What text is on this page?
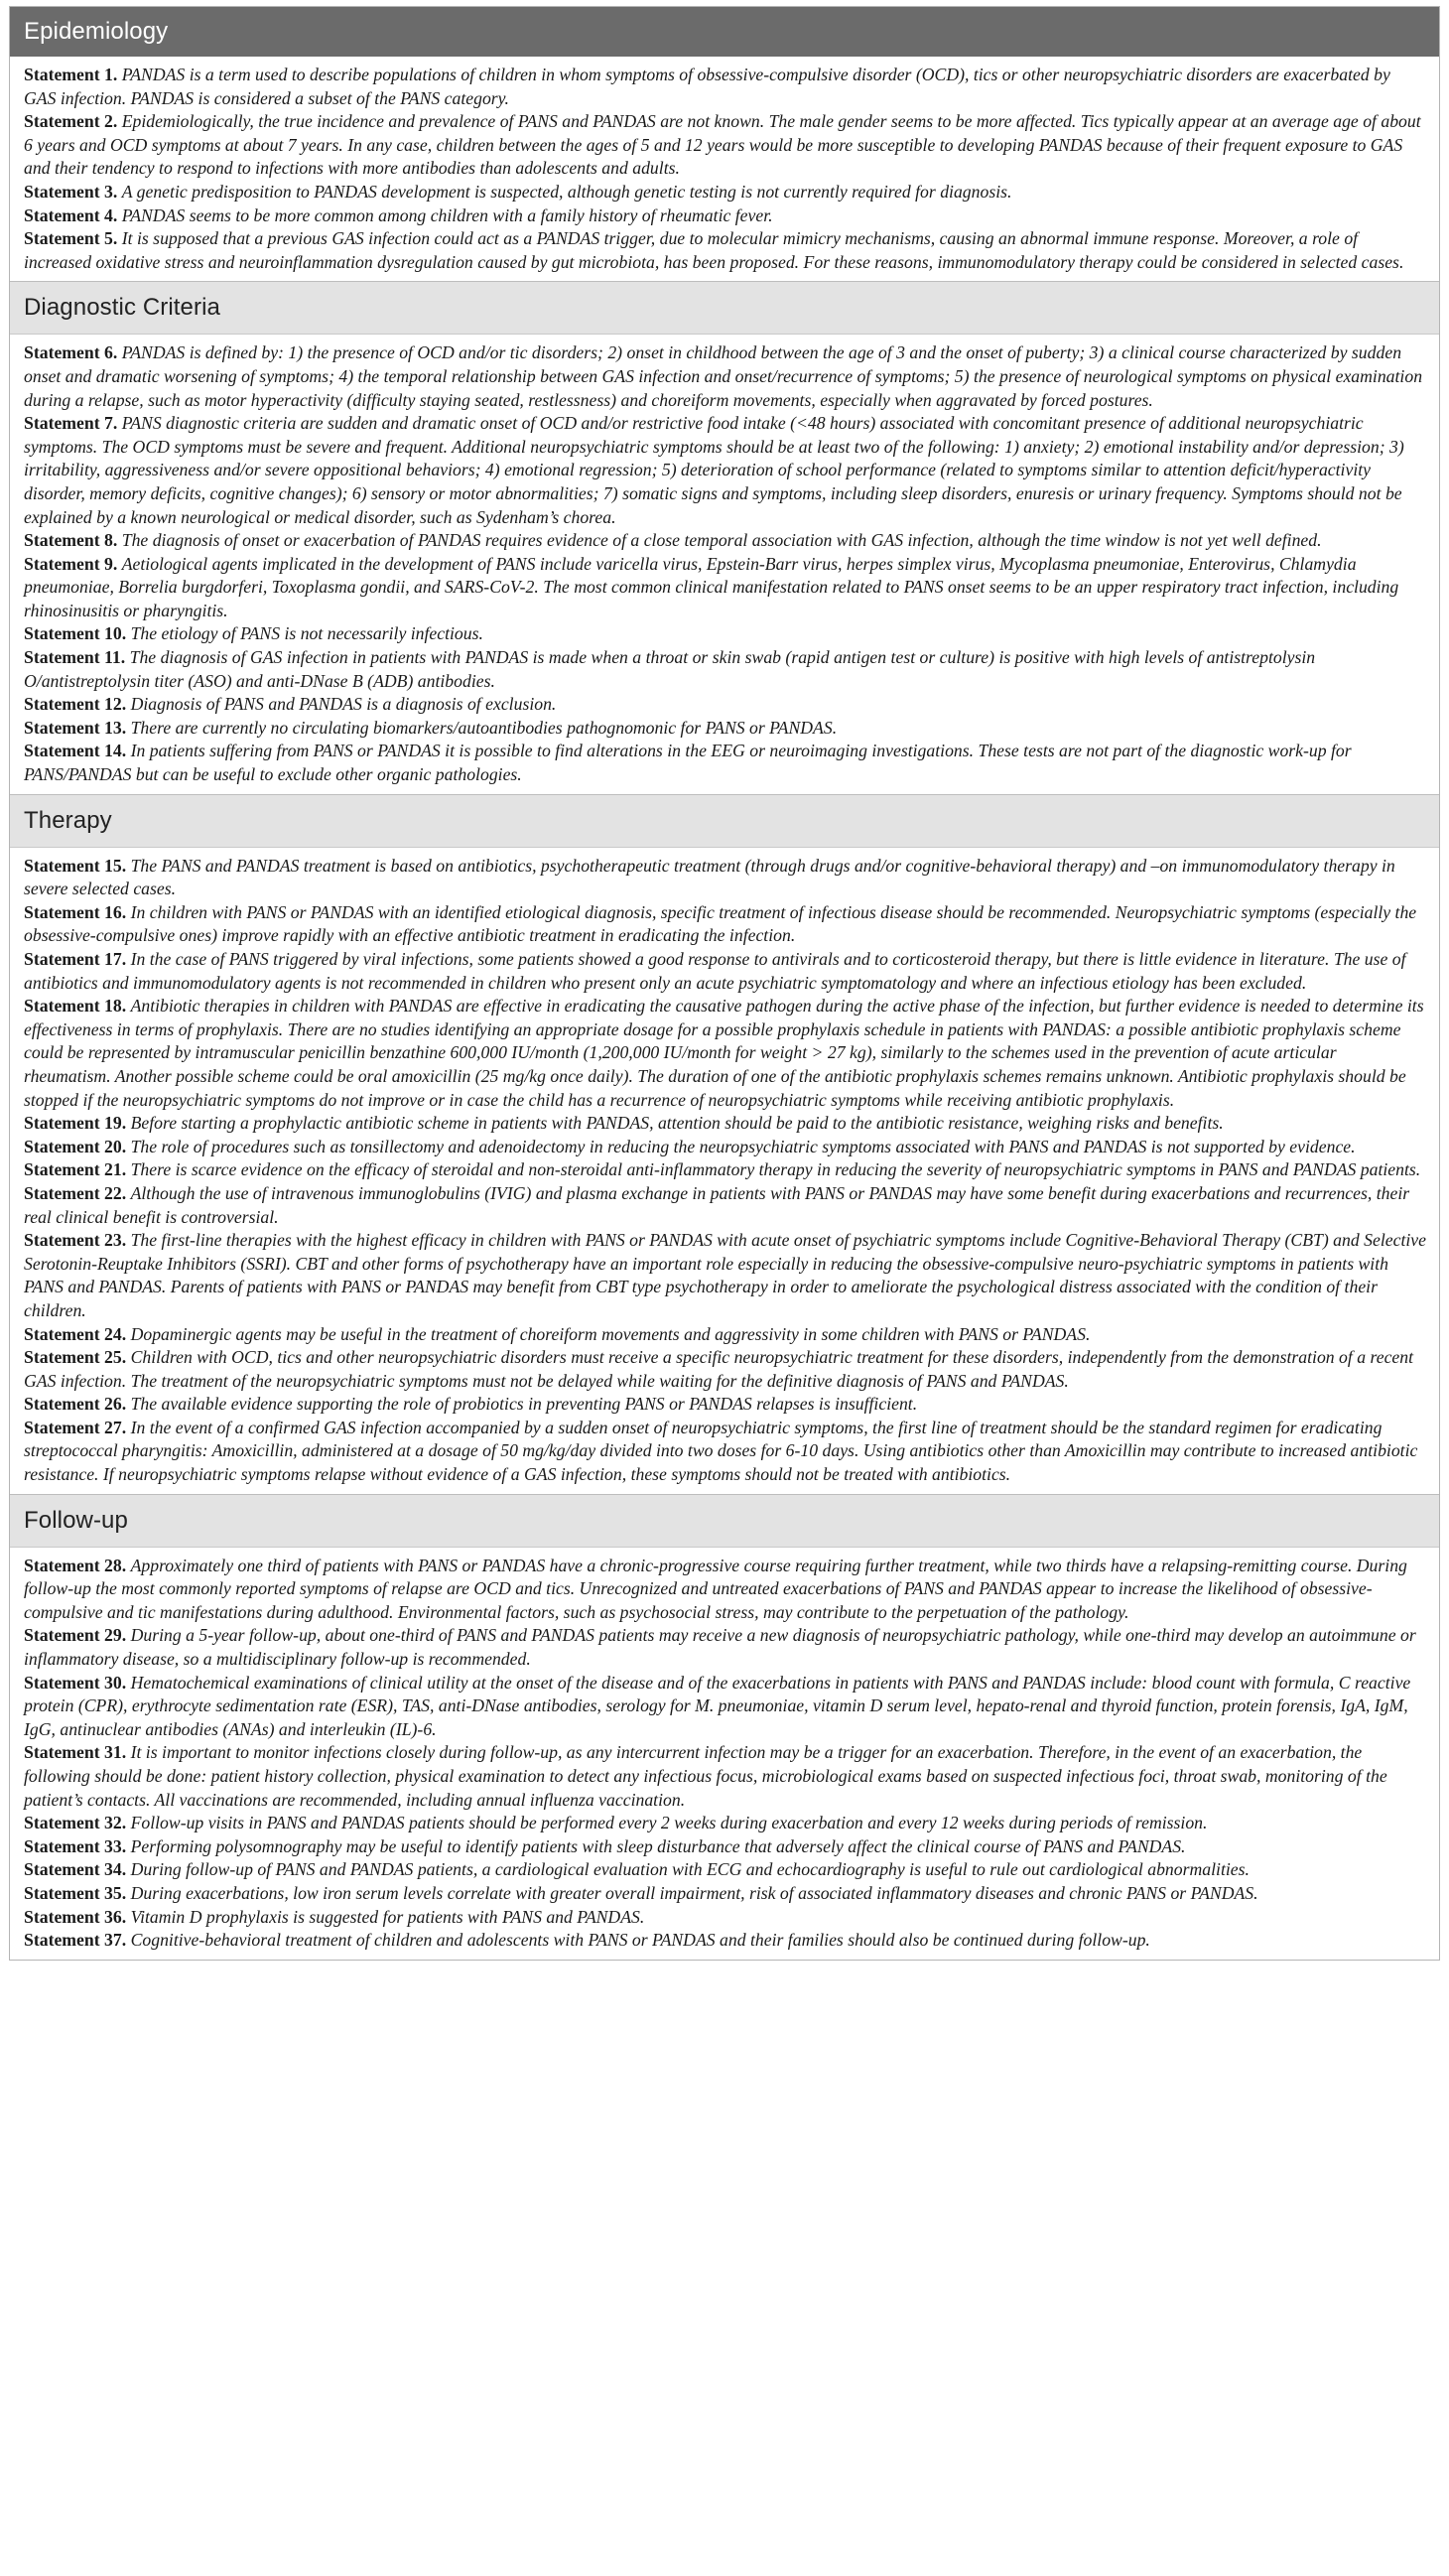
Epidemiology

Statement 1. PANDAS is a term used to describe populations of children in whom symptoms of obsessive-compulsive disorder (OCD), tics or other neuropsychiatric disorders are exacerbated by GAS infection. PANDAS is considered a subset of the PANS category.

Statement 2. Epidemiologically, the true incidence and prevalence of PANS and PANDAS are not known. The male gender seems to be more affected. Tics typically appear at an average age of about 6 years and OCD symptoms at about 7 years. In any case, children between the ages of 5 and 12 years would be more susceptible to developing PANDAS because of their frequent exposure to GAS and their tendency to respond to infections with more antibodies than adolescents and adults.

Statement 3. A genetic predisposition to PANDAS development is suspected, although genetic testing is not currently required for diagnosis.

Statement 4. PANDAS seems to be more common among children with a family history of rheumatic fever.

Statement 5. It is supposed that a previous GAS infection could act as a PANDAS trigger, due to molecular mimicry mechanisms, causing an abnormal immune response. Moreover, a role of increased oxidative stress and neuroinflammation dysregulation caused by gut microbiota, has been proposed. For these reasons, immunomodulatory therapy could be considered in selected cases.

Diagnostic Criteria

Statement 6. PANDAS is defined by: 1) the presence of OCD and/or tic disorders; 2) onset in childhood between the age of 3 and the onset of puberty; 3) a clinical course characterized by sudden onset and dramatic worsening of symptoms; 4) the temporal relationship between GAS infection and onset/recurrence of symptoms; 5) the presence of neurological symptoms on physical examination during a relapse, such as motor hyperactivity (difficulty staying seated, restlessness) and choreiform movements, especially when aggravated by forced postures.

Statement 7. PANS diagnostic criteria are sudden and dramatic onset of OCD and/or restrictive food intake (<48 hours) associated with concomitant presence of additional neuropsychiatric symptoms. The OCD symptoms must be severe and frequent. Additional neuropsychiatric symptoms should be at least two of the following: 1) anxiety; 2) emotional instability and/or depression; 3) irritability, aggressiveness and/or severe oppositional behaviors; 4) emotional regression; 5) deterioration of school performance (related to symptoms similar to attention deficit/hyperactivity disorder, memory deficits, cognitive changes); 6) sensory or motor abnormalities; 7) somatic signs and symptoms, including sleep disorders, enuresis or urinary frequency. Symptoms should not be explained by a known neurological or medical disorder, such as Sydenham’s chorea.

Statement 8. The diagnosis of onset or exacerbation of PANDAS requires evidence of a close temporal association with GAS infection, although the time window is not yet well defined.

Statement 9. Aetiological agents implicated in the development of PANS include varicella virus, Epstein-Barr virus, herpes simplex virus, Mycoplasma pneumoniae, Enterovirus, Chlamydia pneumoniae, Borrelia burgdorferi, Toxoplasma gondii, and SARS-CoV-2. The most common clinical manifestation related to PANS onset seems to be an upper respiratory tract infection, including rhinosinusitis or pharyngitis.

Statement 10. The etiology of PANS is not necessarily infectious.

Statement 11. The diagnosis of GAS infection in patients with PANDAS is made when a throat or skin swab (rapid antigen test or culture) is positive with high levels of antistreptolysin O/antistreptolysin titer (ASO) and anti-DNase B (ADB) antibodies.

Statement 12. Diagnosis of PANS and PANDAS is a diagnosis of exclusion.

Statement 13. There are currently no circulating biomarkers/autoantibodies pathognomonic for PANS or PANDAS.

Statement 14. In patients suffering from PANS or PANDAS it is possible to find alterations in the EEG or neuroimaging investigations. These tests are not part of the diagnostic work-up for PANS/PANDAS but can be useful to exclude other organic pathologies.

Therapy

Statement 15. The PANS and PANDAS treatment is based on antibiotics, psychotherapeutic treatment (through drugs and/or cognitive-behavioral therapy) and –on immunomodulatory therapy in severe selected cases.

Statement 16. In children with PANS or PANDAS with an identified etiological diagnosis, specific treatment of infectious disease should be recommended. Neuropsychiatric symptoms (especially the obsessive-compulsive ones) improve rapidly with an effective antibiotic treatment in eradicating the infection.

Statement 17. In the case of PANS triggered by viral infections, some patients showed a good response to antivirals and to corticosteroid therapy, but there is little evidence in literature. The use of antibiotics and immunomodulatory agents is not recommended in children who present only an acute psychiatric symptomatology and where an infectious etiology has been excluded.

Statement 18. Antibiotic therapies in children with PANDAS are effective in eradicating the causative pathogen during the active phase of the infection, but further evidence is needed to determine its effectiveness in terms of prophylaxis. There are no studies identifying an appropriate dosage for a possible prophylaxis schedule in patients with PANDAS: a possible antibiotic prophylaxis scheme could be represented by intramuscular penicillin benzathine 600,000 IU/month (1,200,000 IU/month for weight > 27 kg), similarly to the schemes used in the prevention of acute articular rheumatism. Another possible scheme could be oral amoxicillin (25 mg/kg once daily). The duration of one of the antibiotic prophylaxis schemes remains unknown. Antibiotic prophylaxis should be stopped if the neuropsychiatric symptoms do not improve or in case the child has a recurrence of neuropsychiatric symptoms while receiving antibiotic prophylaxis.

Statement 19. Before starting a prophylactic antibiotic scheme in patients with PANDAS, attention should be paid to the antibiotic resistance, weighing risks and benefits.

Statement 20. The role of procedures such as tonsillectomy and adenoidectomy in reducing the neuropsychiatric symptoms associated with PANS and PANDAS is not supported by evidence.

Statement 21. There is scarce evidence on the efficacy of steroidal and non-steroidal anti-inflammatory therapy in reducing the severity of neuropsychiatric symptoms in PANS and PANDAS patients.

Statement 22. Although the use of intravenous immunoglobulins (IVIG) and plasma exchange in patients with PANS or PANDAS may have some benefit during exacerbations and recurrences, their real clinical benefit is controversial.

Statement 23. The first-line therapies with the highest efficacy in children with PANS or PANDAS with acute onset of psychiatric symptoms include Cognitive-Behavioral Therapy (CBT) and Selective Serotonin-Reuptake Inhibitors (SSRI). CBT and other forms of psychotherapy have an important role especially in reducing the obsessive-compulsive neuro-psychiatric symptoms in patients with PANS and PANDAS. Parents of patients with PANS or PANDAS may benefit from CBT type psychotherapy in order to ameliorate the psychological distress associated with the condition of their children.

Statement 24. Dopaminergic agents may be useful in the treatment of choreiform movements and aggressivity in some children with PANS or PANDAS.

Statement 25. Children with OCD, tics and other neuropsychiatric disorders must receive a specific neuropsychiatric treatment for these disorders, independently from the demonstration of a recent GAS infection. The treatment of the neuropsychiatric symptoms must not be delayed while waiting for the definitive diagnosis of PANS and PANDAS.

Statement 26. The available evidence supporting the role of probiotics in preventing PANS or PANDAS relapses is insufficient.

Statement 27. In the event of a confirmed GAS infection accompanied by a sudden onset of neuropsychiatric symptoms, the first line of treatment should be the standard regimen for eradicating streptococcal pharyngitis: Amoxicillin, administered at a dosage of 50 mg/kg/day divided into two doses for 6-10 days. Using antibiotics other than Amoxicillin may contribute to increased antibiotic resistance. If neuropsychiatric symptoms relapse without evidence of a GAS infection, these symptoms should not be treated with antibiotics.

Follow-up

Statement 28. Approximately one third of patients with PANS or PANDAS have a chronic-progressive course requiring further treatment, while two thirds have a relapsing-remitting course. During follow-up the most commonly reported symptoms of relapse are OCD and tics. Unrecognized and untreated exacerbations of PANS and PANDAS appear to increase the likelihood of obsessive-compulsive and tic manifestations during adulthood. Environmental factors, such as psychosocial stress, may contribute to the perpetuation of the pathology.

Statement 29. During a 5-year follow-up, about one-third of PANS and PANDAS patients may receive a new diagnosis of neuropsychiatric pathology, while one-third may develop an autoimmune or inflammatory disease, so a multidisciplinary follow-up is recommended.

Statement 30. Hematochemical examinations of clinical utility at the onset of the disease and of the exacerbations in patients with PANS and PANDAS include: blood count with formula, C reactive protein (CPR), erythrocyte sedimentation rate (ESR), TAS, anti-DNase antibodies, serology for M. pneumoniae, vitamin D serum level, hepato-renal and thyroid function, protein forensis, IgA, IgM, IgG, antinuclear antibodies (ANAs) and interleukin (IL)-6.

Statement 31. It is important to monitor infections closely during follow-up, as any intercurrent infection may be a trigger for an exacerbation. Therefore, in the event of an exacerbation, the following should be done: patient history collection, physical examination to detect any infectious focus, microbiological exams based on suspected infectious foci, throat swab, monitoring of the patient’s contacts. All vaccinations are recommended, including annual influenza vaccination.

Statement 32. Follow-up visits in PANS and PANDAS patients should be performed every 2 weeks during exacerbation and every 12 weeks during periods of remission.

Statement 33. Performing polysomnography may be useful to identify patients with sleep disturbance that adversely affect the clinical course of PANS and PANDAS.

Statement 34. During follow-up of PANS and PANDAS patients, a cardiological evaluation with ECG and echocardiography is useful to rule out cardiological abnormalities.

Statement 35. During exacerbations, low iron serum levels correlate with greater overall impairment, risk of associated inflammatory diseases and chronic PANS or PANDAS.

Statement 36. Vitamin D prophylaxis is suggested for patients with PANS and PANDAS.

Statement 37. Cognitive-behavioral treatment of children and adolescents with PANS or PANDAS and their families should also be continued during follow-up.
